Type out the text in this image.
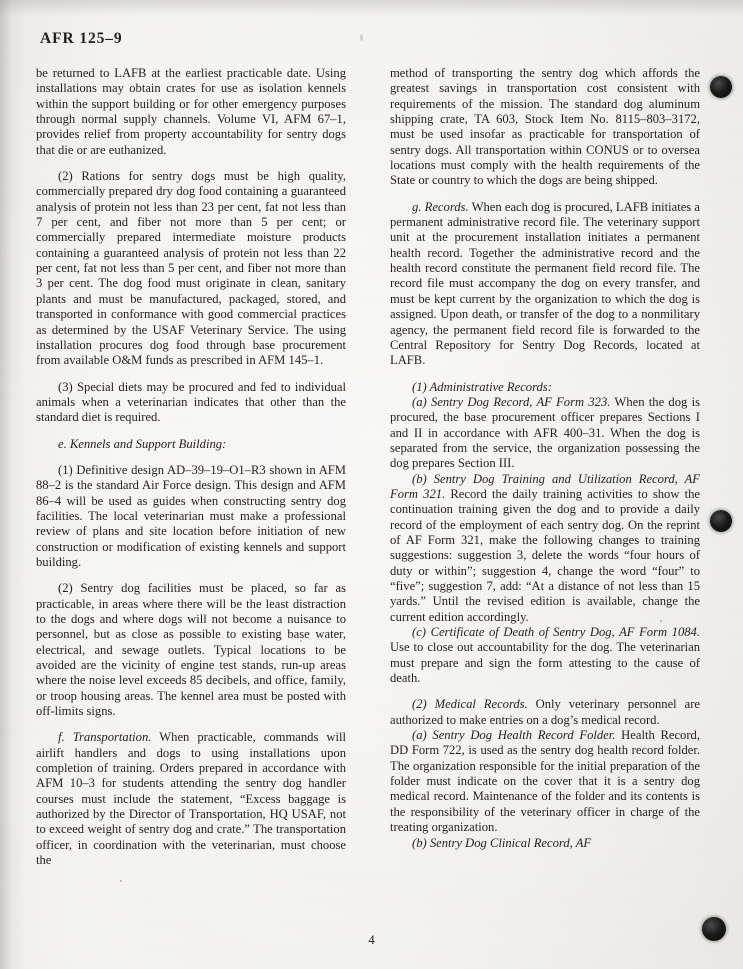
AFR 125–9

be returned to LAFB at the earliest practicable date. Using installations may obtain crates for use as isolation kennels within the support building or for other emergency purposes through normal supply channels. Volume VI, AFM 67–1, provides relief from property accountability for sentry dogs that die or are euthanized.

(2) Rations for sentry dogs must be high quality, commercially prepared dry dog food containing a guaranteed analysis of protein not less than 23 per cent, fat not less than 7 per cent, and fiber not more than 5 per cent; or commercially prepared intermediate moisture products containing a guaranteed analysis of protein not less than 22 per cent, fat not less than 5 per cent, and fiber not more than 3 per cent. The dog food must originate in clean, sanitary plants and must be manufactured, packaged, stored, and transported in conformance with good commercial practices as determined by the USAF Veterinary Service. The using installation procures dog food through base procurement from available O&M funds as prescribed in AFM 145–1.

(3) Special diets may be procured and fed to individual animals when a veterinarian indicates that other than the standard diet is required.

e. Kennels and Support Building:

(1) Definitive design AD–39–19–O1–R3 shown in AFM 88–2 is the standard Air Force design. This design and AFM 86–4 will be used as guides when constructing sentry dog facilities. The local veterinarian must make a professional review of plans and site location before initiation of new construction or modification of existing kennels and support building.

(2) Sentry dog facilities must be placed, so far as practicable, in areas where there will be the least distraction to the dogs and where dogs will not become a nuisance to personnel, but as close as possible to existing base water, electrical, and sewage outlets. Typical locations to be avoided are the vicinity of engine test stands, run-up areas where the noise level exceeds 85 decibels, and office, family, or troop housing areas. The kennel area must be posted with off-limits signs.

f. Transportation. When practicable, commands will airlift handlers and dogs to using installations upon completion of training. Orders prepared in accordance with AFM 10–3 for students attending the sentry dog handler courses must include the statement, “Excess baggage is authorized by the Director of Transportation, HQ USAF, not to exceed weight of sentry dog and crate.” The transportation officer, in coordination with the veterinarian, must choose the

method of transporting the sentry dog which affords the greatest savings in transportation cost consistent with requirements of the mission. The standard dog aluminum shipping crate, TA 603, Stock Item No. 8115–803–3172, must be used insofar as practicable for transportation of sentry dogs. All transportation within CONUS or to oversea locations must comply with the health requirements of the State or country to which the dogs are being shipped.

g. Records. When each dog is procured, LAFB initiates a permanent administrative record file. The veterinary support unit at the procurement installation initiates a permanent health record. Together the administrative record and the health record constitute the permanent field record file. The record file must accompany the dog on every transfer, and must be kept current by the organization to which the dog is assigned. Upon death, or transfer of the dog to a nonmilitary agency, the permanent field record file is forwarded to the Central Repository for Sentry Dog Records, located at LAFB.

(1) Administrative Records:

(a) Sentry Dog Record, AF Form 323. When the dog is procured, the base procurement officer prepares Sections I and II in accordance with AFR 400–31. When the dog is separated from the service, the organization possessing the dog prepares Section III.

(b) Sentry Dog Training and Utilization Record, AF Form 321. Record the daily training activities to show the continuation training given the dog and to provide a daily record of the employment of each sentry dog. On the reprint of AF Form 321, make the following changes to training suggestions: suggestion 3, delete the words “four hours of duty or within”; suggestion 4, change the word “four” to “five”; suggestion 7, add: “At a distance of not less than 15 yards.” Until the revised edition is available, change the current edition accordingly.

(c) Certificate of Death of Sentry Dog, AF Form 1084. Use to close out accountability for the dog. The veterinarian must prepare and sign the form attesting to the cause of death.

(2) Medical Records. Only veterinary personnel are authorized to make entries on a dog’s medical record.

(a) Sentry Dog Health Record Folder. Health Record, DD Form 722, is used as the sentry dog health record folder. The organization responsible for the initial preparation of the folder must indicate on the cover that it is a sentry dog medical record. Maintenance of the folder and its contents is the responsibility of the veterinary officer in charge of the treating organization.

(b) Sentry Dog Clinical Record, AF

4
